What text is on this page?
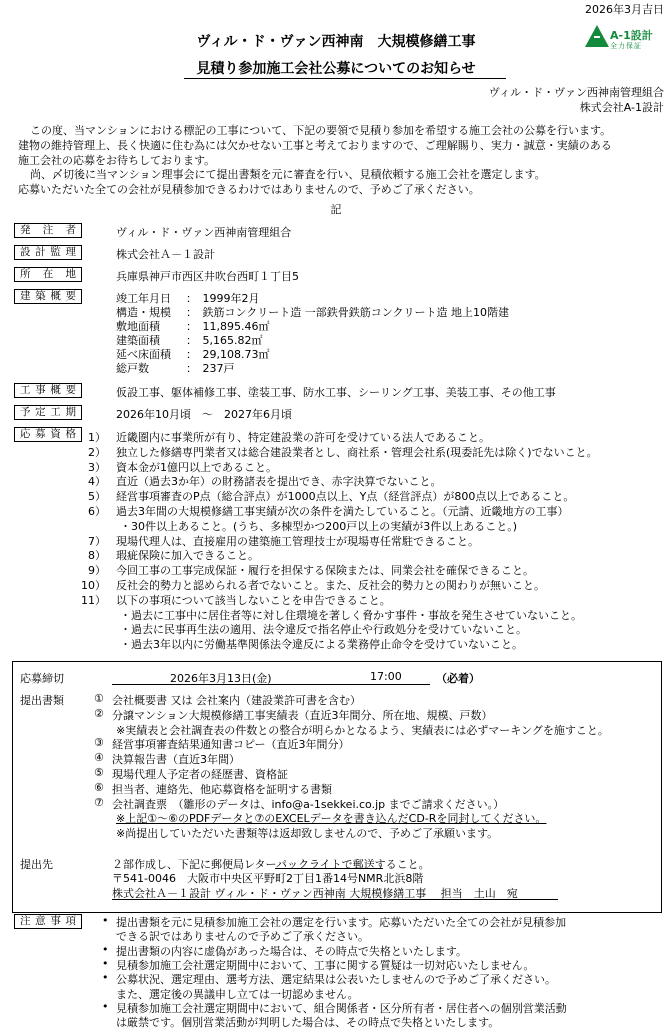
2026年3月吉日
ヴィル・ド・ヴァン西神南　大規模修繕工事
見積り参加施工会社公募についてのお知らせ
A-1設計
全力保証
ヴィル・ド・ヴァン西神南管理組合
株式会社A-1設計
この度、当マンションにおける標記の工事について、下記の要領で見積り参加を希望する施工会社の公募を行います。
建物の維持管理上、長く快適に住む為には欠かせない工事と考えておりますので、ご理解賜り、実力・誠意・実績のある
施工会社の応募をお待ちしております。
尚、〆切後に当マンション理事会にて提出書類を元に審査を行い、見積依頼する施工会社を選定します。
応募いただいた全ての会社が見積参加できるわけではありませんので、予めご了承ください。
記
発注者	ヴィル・ド・ヴァン西神南管理組合
設計監理	株式会社Ａ－１設計
所在地	兵庫県神戸市西区井吹台西町１丁目5
建築概要	竣工年月日 ：　1999年2月
構造・規模 ：　鉄筋コンクリート造 一部鉄骨鉄筋コンクリート造 地上10階建
敷地面積 ：　11,895.46㎡
建築面積 ：　5,165.82㎡
延べ床面積 ：　29,108.73㎡
総戸数	：　237戸
工事概要	仮設工事、躯体補修工事、塗装工事、防水工事、シーリング工事、美装工事、その他工事
予定工期	2026年10月頃　～　2027年6月頃
応募資格	1） 近畿圏内に事業所が有り、特定建設業の許可を受けている法人であること。
2） 独立した修繕専門業者又は総合建設業者とし、商社系・管理会社系(現委託先は除く)でないこと。
3） 資本金が1億円以上であること。
4） 直近（過去3か年）の財務諸表を提出でき、赤字決算でないこと。
5） 経営事項審査のP点（総合評点）が1000点以上、Y点（経営評点）が800点以上であること。
6） 過去3年間の大規模修繕工事実績が次の条件を満たしていること。（元請、近畿地方の工事）
・30件以上あること。(うち、多棟型かつ200戸以上の実績が3件以上あること。)
7） 現場代理人は、直接雇用の建築施工管理技士が現場専任常駐できること。
8） 瑕疵保険に加入できること。
9） 今回工事の工事完成保証・履行を担保する保険または、同業会社を確保できること。
10） 反社会的勢力と認められる者でないこと。また、反社会的勢力との関わりが無いこと。
11） 以下の事項について該当しないことを申告できること。
・過去に工事中に居住者等に対し住環境を著しく脅かす事件・事故を発生させていないこと。
・過去に民事再生法の適用、法令違反で指名停止や行政処分を受けていないこと。
・過去3年以内に労働基準関係法令違反による業務停止命令を受けていないこと。
応募締切	2026年3月13日(金)	17:00	（必着）
提出書類	① 会社概要書 又は 会社案内（建設業許可書を含む）
② 分譲マンション大規模修繕工事実績表（直近3年間分、所在地、規模、戸数）
※実績表と会社調査表の件数との整合が明らかとなるよう、実績表には必ずマーキングを施すこと。
③ 経営事項審査結果通知書コピー（直近3年間分）
④ 決算報告書（直近3年間）
⑤ 現場代理人予定者の経歴書、資格証
⑥ 担当者、連絡先、他応募資格を証明する書類
⑦ 会社調査票　（雛形のデータは、info@a-1sekkei.co.jp までご請求ください。）
※上記①～⑥のPDFデータと⑦のEXCELデータを書き込んだCD-Rを同封してください。
※尚提出していただいた書類等は返却致しませんので、予めご了承願います。
提出先	２部作成し、下記に郵便局レターパックライトで郵送すること。
〒541-0046　大阪市中央区平野町2丁目1番14号NMR北浜8階
株式会社Ａ－１設計 ヴィル・ド・ヴァン西神南 大規模修繕工事　 担当　土山　宛
注意事項	• 提出書類を元に見積参加施工会社の選定を行います。応募いただいた全ての会社が見積参加
できる訳ではありませんので予めご了承ください。
• 提出書類の内容に虚偽があった場合は、その時点で失格といたします。
• 見積参加施工会社選定期間中において、工事に関する質疑は一切対応いたしません。
• 公募状況、選定理由、選考方法、選定結果は公表いたしませんので予めご了承ください。
また、選定後の異議申し立ては一切認めません。
• 見積参加施工会社選定期間中において、組合関係者・区分所有者・居住者への個別営業活動
は厳禁です。個別営業活動が判明した場合は、その時点で失格といたします。
